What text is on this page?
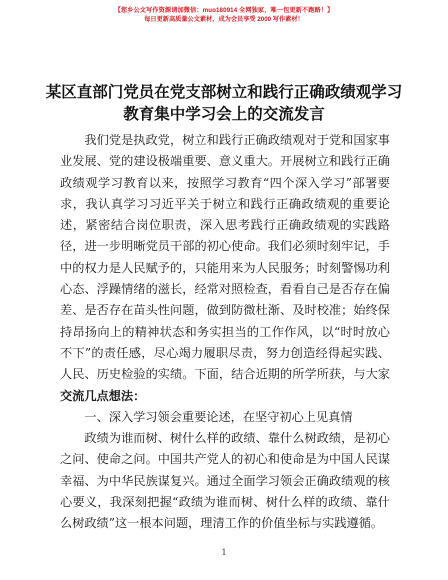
【您乡公文写作资源请加微信：muo180914 全网独家，唯一包更新不跑路！】
每日更新高质量公文素材，成为会员享受 2000 写作素材！
某区直部门党员在党支部树立和践行正确政绩观学习教育集中学习会上的交流发言

我们党是执政党，树立和践行正确政绩观对于党和国家事业发展、党的建设极端重要、意义重大。开展树立和践行正确政绩观学习教育以来，按照学习教育“四个深入学习”部署要求，我认真学习习近平关于树立和践行正确政绩观的重要论述，紧密结合岗位职责，深入思考践行正确政绩观的实践路径，进一步明晰党员干部的初心使命。我们必须时刻牢记，手中的权力是人民赋予的，只能用来为人民服务；时刻警惕功利心态、浮躁情绪的滋长，经常对照检查，看看自己是否存在偏差、是否存在苗头性问题，做到防微杜渐、及时校准；始终保持昂扬向上的精神状态和务实担当的工作作风，以“时时放心不下”的责任感，尽心竭力履职尽责，努力创造经得起实践、人民、历史检验的实绩。下面，结合近期的所学所获，与大家交流几点想法：

一、深入学习领会重要论述，在坚守初心上见真情

政绩为谁而树、树什么样的政绩、靠什么树政绩，是初心之问、使命之问。中国共产党人的初心和使命是为中国人民谋幸福、为中华民族谋复兴。通过全面学习领会正确政绩观的核心要义，我深刻把握“政绩为谁而树、树什么样的政绩、靠什么树政绩”这一根本问题，理清工作的价值坐标与实践遵循。

1
